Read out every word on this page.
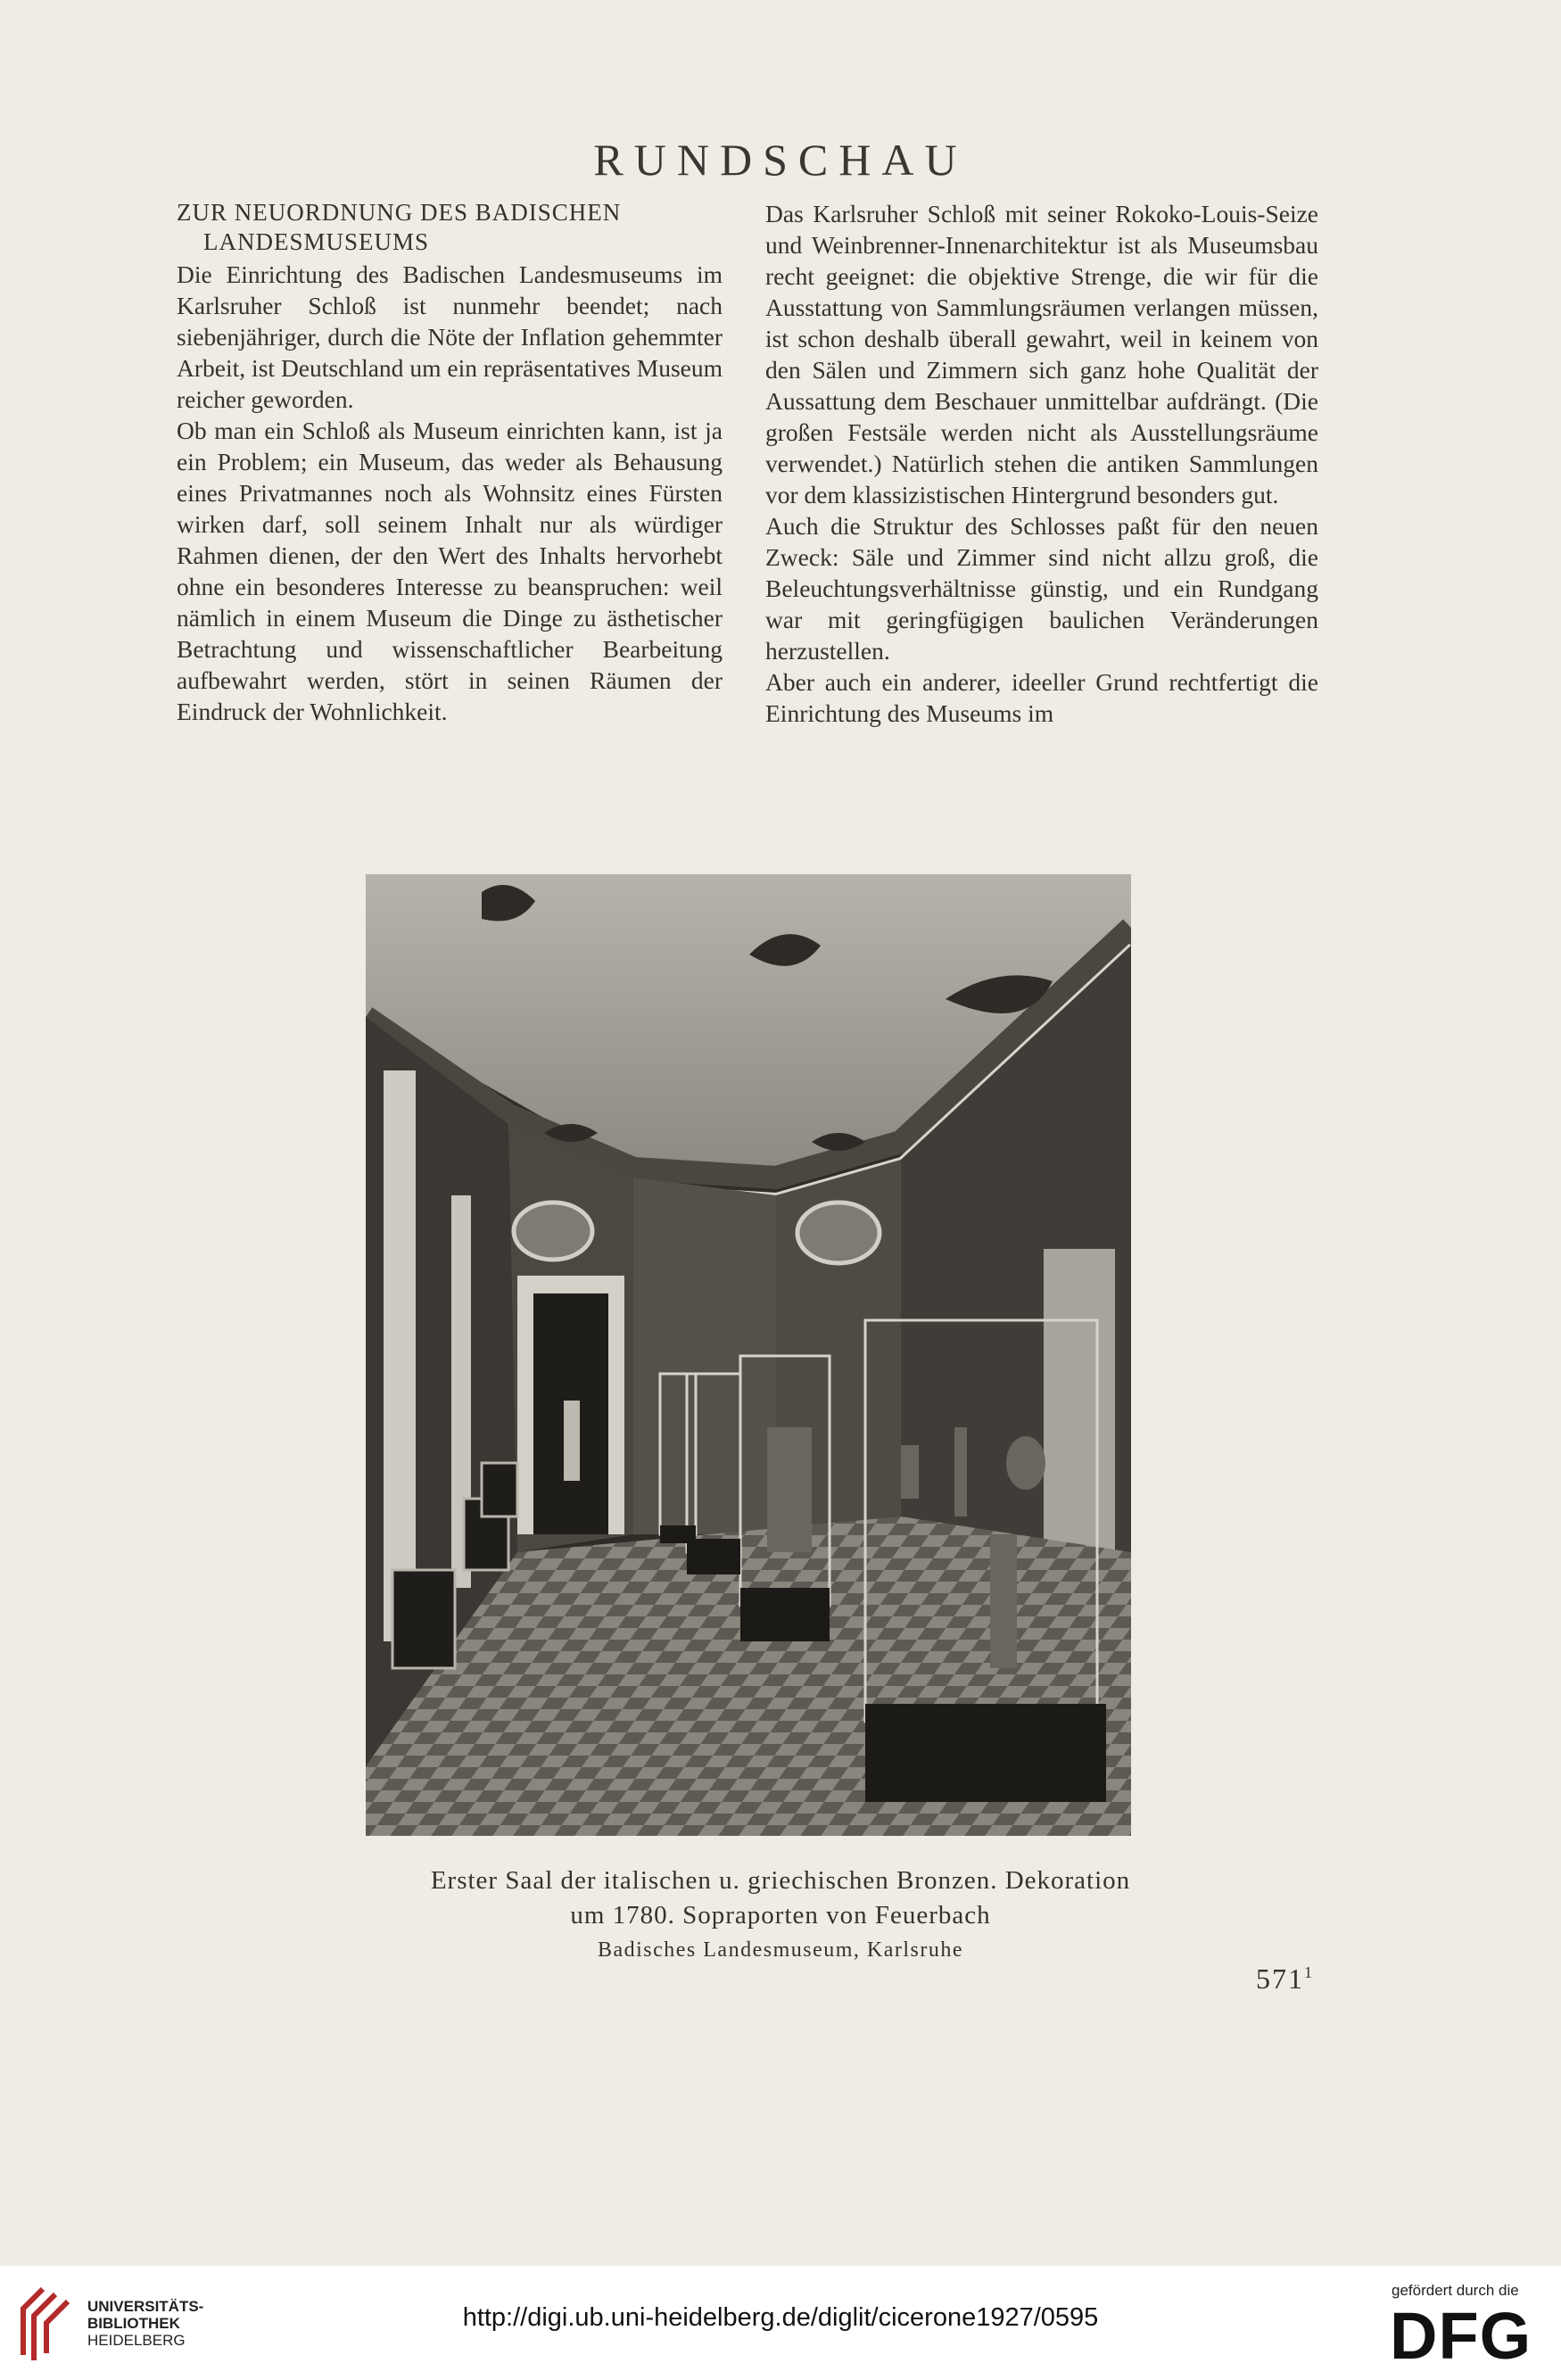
RUNDSCHAU
ZUR NEUORDNUNG DES BADISCHEN
LANDESMUSEUMS

Die Einrichtung des Badischen Landesmuseums im Karlsruher Schloß ist nunmehr beendet; nach siebenjähriger, durch die Nöte der Inflation gehemmter Arbeit, ist Deutschland um ein repräsentatives Museum reicher geworden.

Ob man ein Schloß als Museum einrichten kann, ist ja ein Problem; ein Museum, das weder als Behausung eines Privatmannes noch als Wohnsitz eines Fürsten wirken darf, soll seinem Inhalt nur als würdiger Rahmen dienen, der den Wert des Inhalts hervorhebt ohne ein besonderes Interesse zu beanspruchen: weil nämlich in einem Museum die Dinge zu ästhetischer Betrachtung und wissenschaftlicher Bearbeitung aufbewahrt werden, stört in seinen Räumen der Eindruck der Wohnlichkeit.

Das Karlsruher Schloß mit seiner Rokoko-Louis-Seize und Weinbrenner-Innenarchitektur ist als Museumsbau recht geeignet: die objektive Strenge, die wir für die Ausstattung von Sammlungsräumen verlangen müssen, ist schon deshalb überall gewahrt, weil in keinem von den Sälen und Zimmern sich ganz hohe Qualität der Aussattung dem Beschauer unmittelbar aufdrängt. (Die großen Festsäle werden nicht als Ausstellungsräume verwendet.) Natürlich stehen die antiken Sammlungen vor dem klassizistischen Hintergrund besonders gut.

Auch die Struktur des Schlosses paßt für den neuen Zweck: Säle und Zimmer sind nicht allzu groß, die Beleuchtungsverhältnisse günstig, und ein Rundgang war mit geringfügigen baulichen Veränderungen herzustellen.

Aber auch ein anderer, ideeller Grund rechtfertigt die Einrichtung des Museums im

Erster Saal der italischen u. griechischen Bronzen. Dekoration
um 1780. Sopraporten von Feuerbach
Badisches Landesmuseum, Karlsruhe
$571^1$
UNIVERSITÄTS-
BIBLIOTHEK
HEIDELBERG
http://digi.ub.uni-heidelberg.de/diglit/cicerone1927/0595
gefördert durch die
DFG
